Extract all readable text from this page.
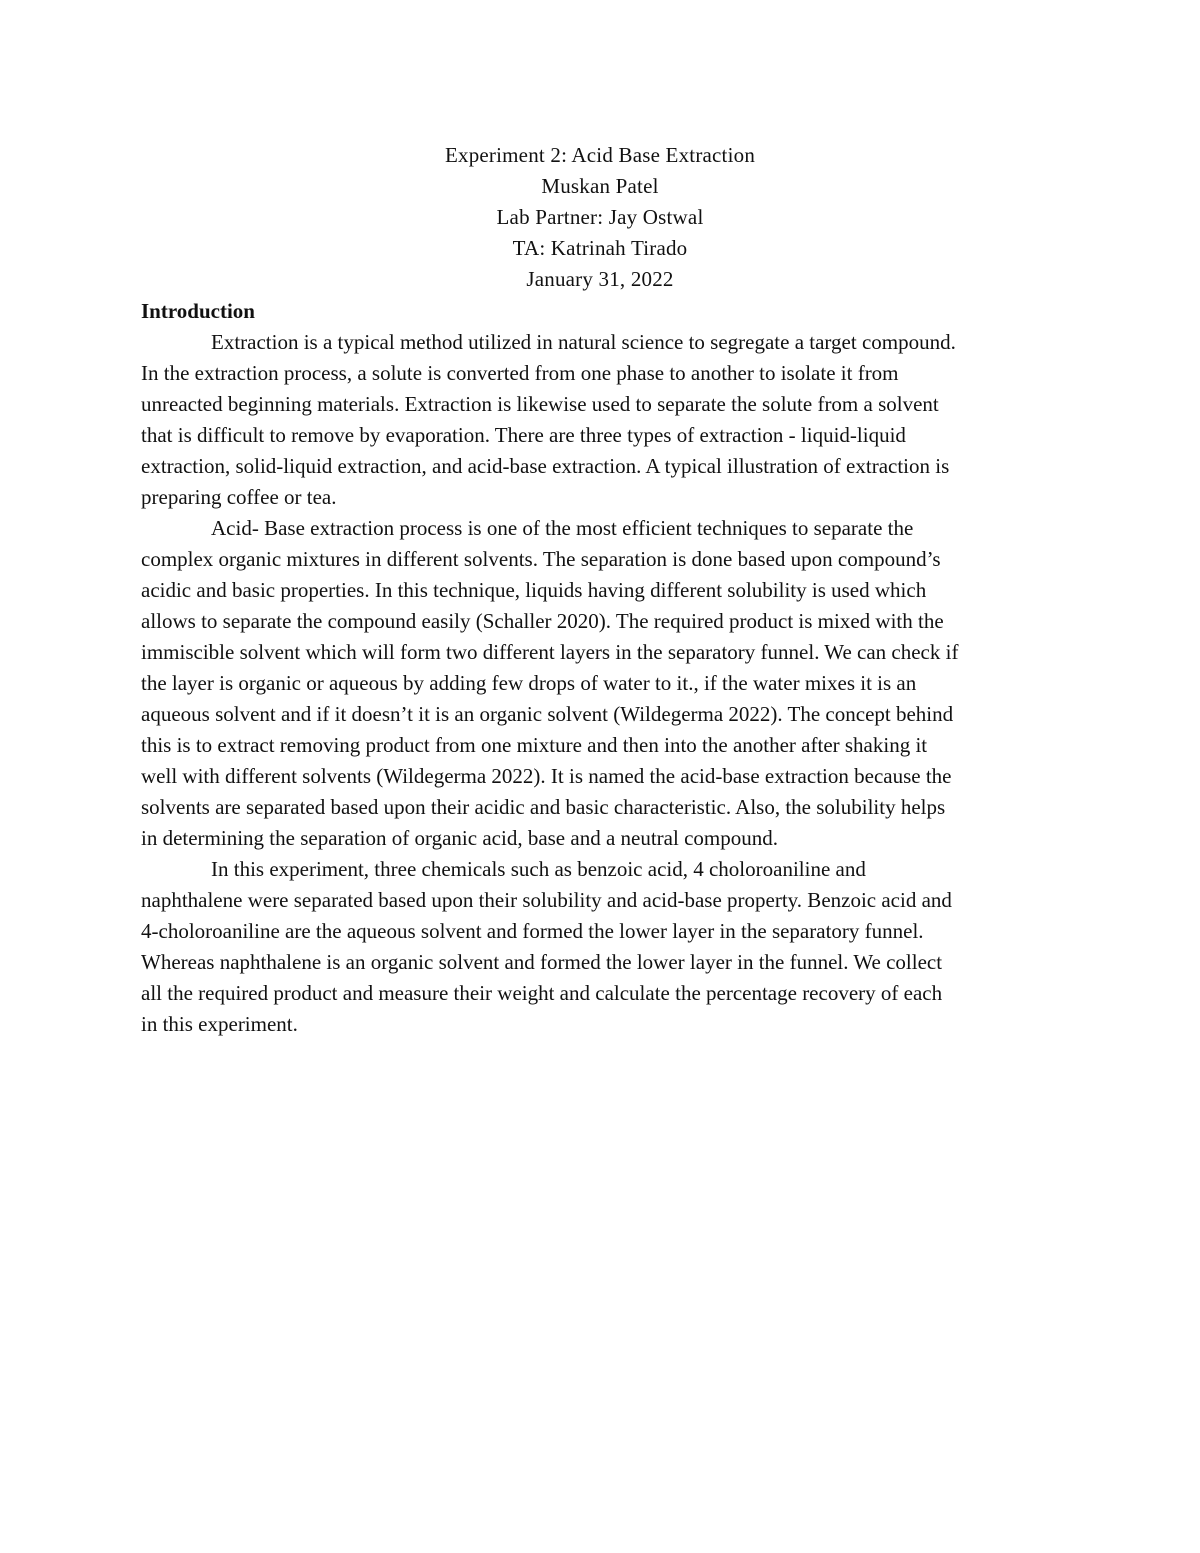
Experiment 2: Acid Base Extraction
Muskan Patel
Lab Partner: Jay Ostwal
TA: Katrinah Tirado
January 31, 2022
Introduction
Extraction is a typical method utilized in natural science to segregate a target compound.
In the extraction process, a solute is converted from one phase to another to isolate it from
unreacted beginning materials. Extraction is likewise used to separate the solute from a solvent
that is difficult to remove by evaporation. There are three types of extraction - liquid-liquid
extraction, solid-liquid extraction, and acid-base extraction. A typical illustration of extraction is
preparing coffee or tea.
Acid- Base extraction process is one of the most efficient techniques to separate the
complex organic mixtures in different solvents. The separation is done based upon compound’s
acidic and basic properties. In this technique, liquids having different solubility is used which
allows to separate the compound easily (Schaller 2020). The required product is mixed with the
immiscible solvent which will form two different layers in the separatory funnel. We can check if
the layer is organic or aqueous by adding few drops of water to it., if the water mixes it is an
aqueous solvent and if it doesn’t it is an organic solvent (Wildegerma 2022). The concept behind
this is to extract removing product from one mixture and then into the another after shaking it
well with different solvents (Wildegerma 2022). It is named the acid-base extraction because the
solvents are separated based upon their acidic and basic characteristic. Also, the solubility helps
in determining the separation of organic acid, base and a neutral compound.
In this experiment, three chemicals such as benzoic acid, 4 choloroaniline and
naphthalene were separated based upon their solubility and acid-base property. Benzoic acid and
4-choloroaniline are the aqueous solvent and formed the lower layer in the separatory funnel.
Whereas naphthalene is an organic solvent and formed the lower layer in the funnel. We collect
all the required product and measure their weight and calculate the percentage recovery of each
in this experiment.
